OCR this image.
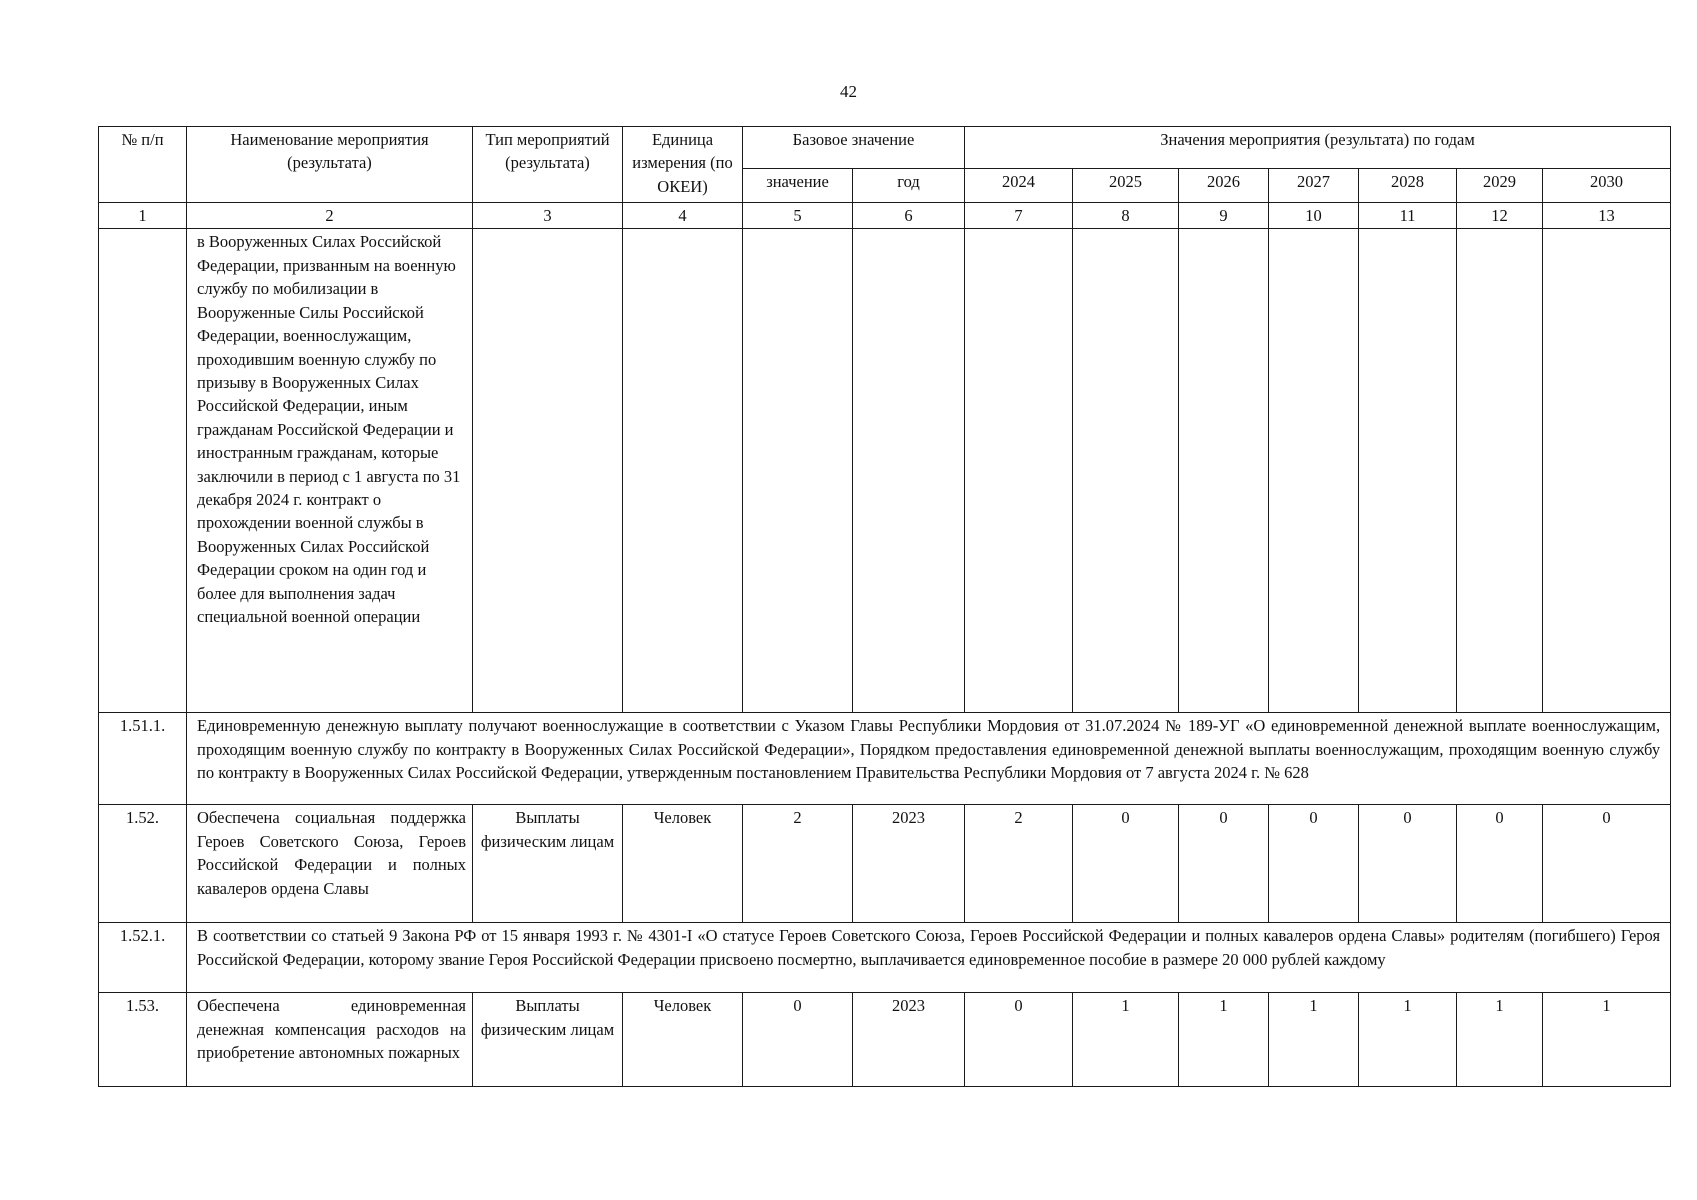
42
№ п/п	Наименование мероприятия (результата)	Тип мероприятий (результата)	Единица измерения (по ОКЕИ)	Базовое значение		Значения мероприятия (результата) по годам						
				значение	год	2024	2025	2026	2027	2028	2029	2030
1	2	3	4	5	6	7	8	9	10	11	12	13
	в Вооруженных Силах Российской Федерации, призванным на военную службу по мобилизации в Вооруженные Силы Российской Федерации, военнослужащим, проходившим военную службу по призыву в Вооруженных Силах Российской Федерации, иным гражданам Российской Федерации и иностранным гражданам, которые заключили в период с 1 августа по 31 декабря 2024 г. контракт о прохождении военной службы в Вооруженных Силах Российской Федерации сроком на один год и более для выполнения задач специальной военной операции											
1.51.1.	Единовременную денежную выплату получают военнослужащие в соответствии с Указом Главы Республики Мордовия от 31.07.2024 № 189-УГ «О единовременной денежной выплате военнослужащим, проходящим военную службу по контракту в Вооруженных Силах Российской Федерации», Порядком предоставления единовременной денежной выплаты военнослужащим, проходящим военную службу по контракту в Вооруженных Силах Российской Федерации, утвержденным постановлением Правительства Республики Мордовия от 7 августа 2024 г. № 628											
1.52.	Обеспечена социальная поддержка Героев Советского Союза, Героев Российской Федерации и полных кавалеров ордена Славы	Выплаты физическим лицам	Человек	2	2023	2	0	0	0	0	0	0
1.52.1.	В соответствии со статьей 9 Закона РФ от 15 января 1993 г. № 4301-I «О статусе Героев Советского Союза, Героев Российской Федерации и полных кавалеров ордена Славы» родителям (погибшего) Героя Российской Федерации, которому звание Героя Российской Федерации присвоено посмертно, выплачивается единовременное пособие в размере 20 000 рублей каждому											
1.53.	Обеспечена единовременная денежная компенсация расходов на приобретение автономных пожарных	Выплаты физическим лицам	Человек	0	2023	0	1	1	1	1	1	1
